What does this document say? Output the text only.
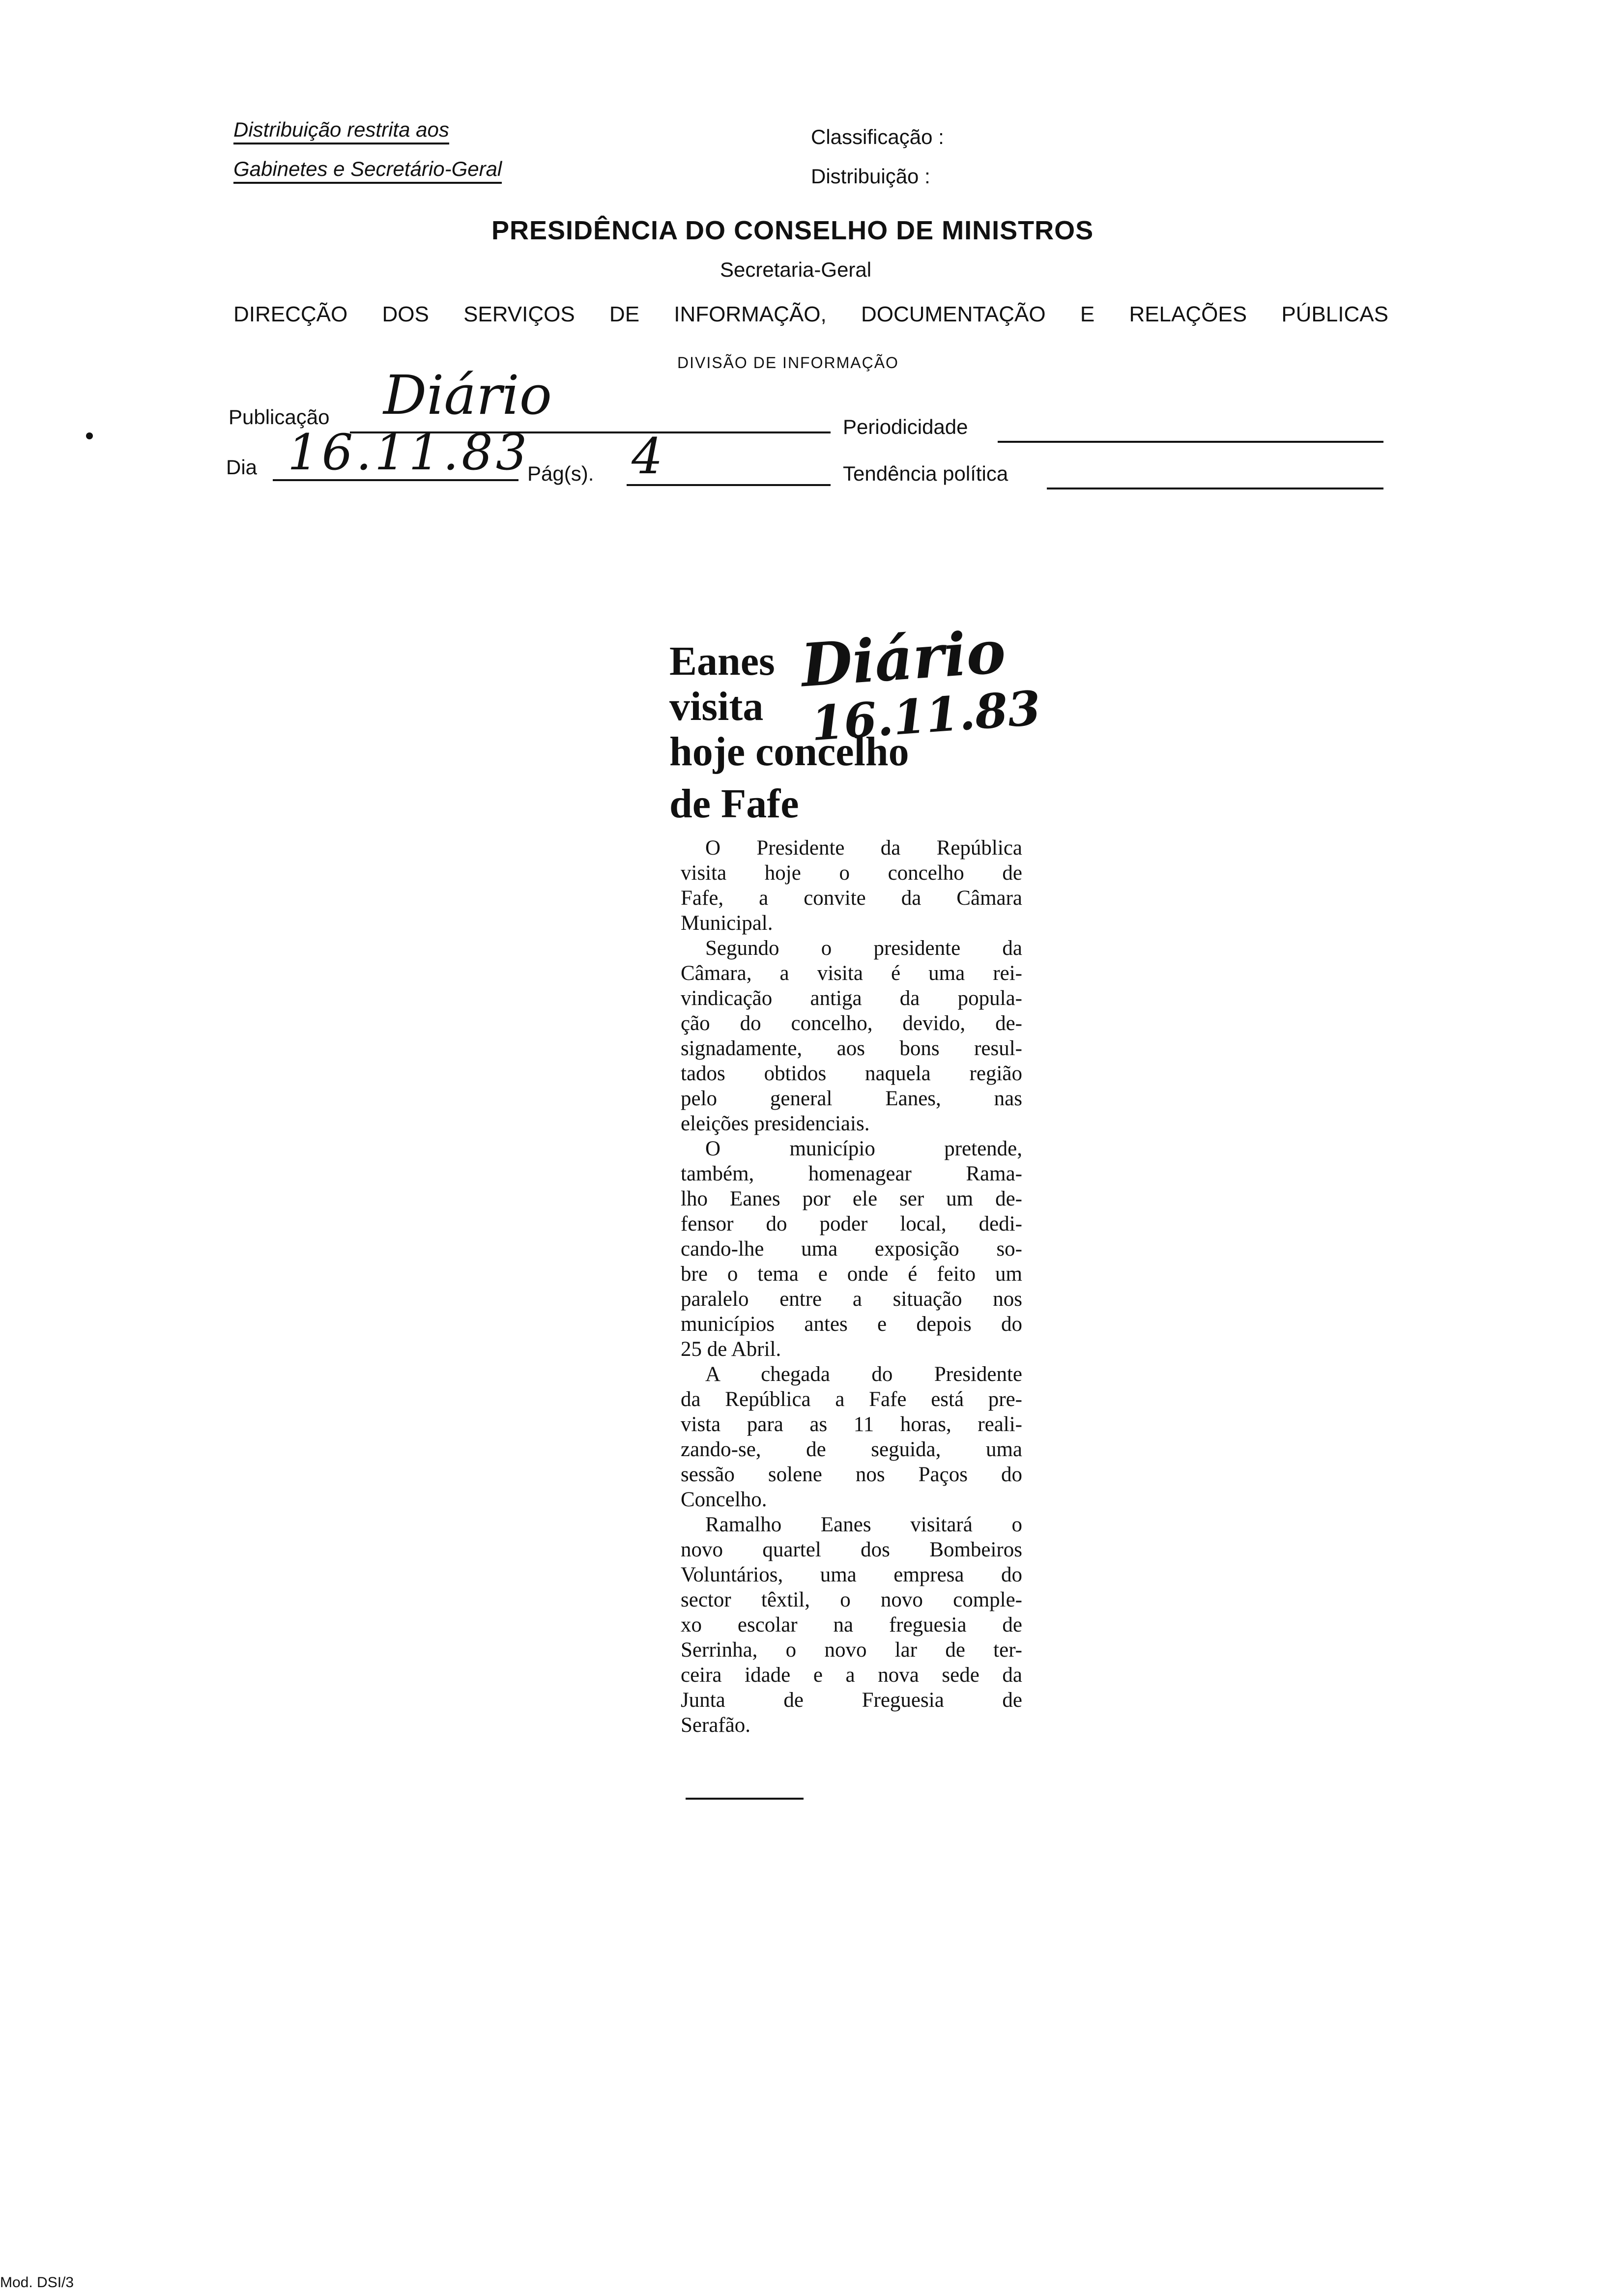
Distribuição restrita aos
Gabinetes e Secretário-Geral
Classificação :
Distribuição :
PRESIDÊNCIA DO CONSELHO DE MINISTROS
Secretaria-Geral
DIRECÇÃO DOS SERVIÇOS DE INFORMAÇÃO, DOCUMENTAÇÃO E RELAÇÕES PÚBLICAS
DIVISÃO DE INFORMAÇÃO
Publicação Diário
Periodicidade
Dia 16.11.83
Pág(s). 4	Tendência política
Eanes
visita
hoje concelho
de Fafe
Diário
16.11.83
O Presidente da República
visita hoje o concelho de
Fafe, a convite da Câmara
Municipal.
Segundo o presidente da
Câmara, a visita é uma rei-
vindicação antiga da popula-
ção do concelho, devido, de-
signadamente, aos bons resul-
tados obtidos naquela região
pelo general Eanes, nas
eleições presidenciais.
O município pretende,
também, homenagear Rama-
lho Eanes por ele ser um de-
fensor do poder local, dedi-
cando-lhe uma exposição so-
bre o tema e onde é feito um
paralelo entre a situação nos
municípios antes e depois do
25 de Abril.
A chegada do Presidente
da República a Fafe está pre-
vista para as 11 horas, reali-
zando-se, de seguida, uma
sessão solene nos Paços do
Concelho.
Ramalho Eanes visitará o
novo quartel dos Bombeiros
Voluntários, uma empresa do
sector têxtil, o novo comple-
xo escolar na freguesia de
Serrinha, o novo lar de ter-
ceira idade e a nova sede da
Junta de Freguesia de
Serafão.
Mod. DSI/3
